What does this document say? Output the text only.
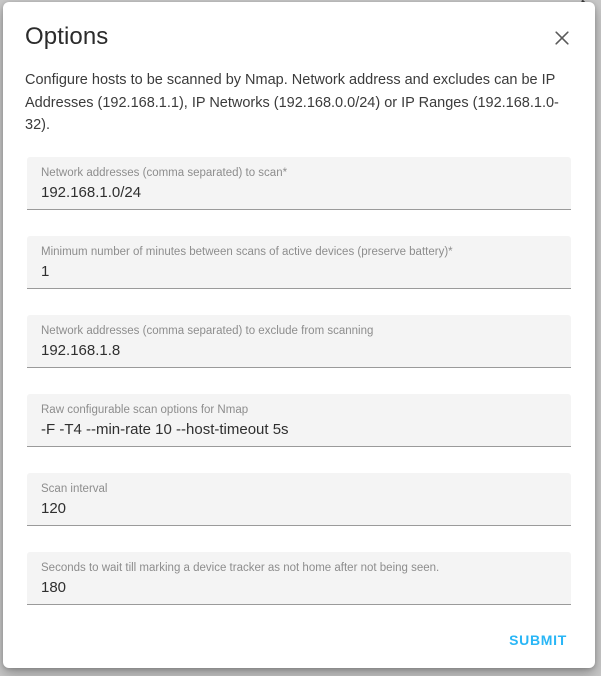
Options

Configure hosts to be scanned by Nmap. Network address and excludes can be IP Addresses (192.168.1.1), IP Networks (192.168.0.0/24) or IP Ranges (192.168.1.0-32).

Network addresses (comma separated) to scan*
192.168.1.0/24
Minimum number of minutes between scans of active devices (preserve battery)*
1
Network addresses (comma separated) to exclude from scanning
192.168.1.8
Raw configurable scan options for Nmap
-F -T4 --min-rate 10 --host-timeout 5s
Scan interval
120
Seconds to wait till marking a device tracker as not home after not being seen.
180
SUBMIT
